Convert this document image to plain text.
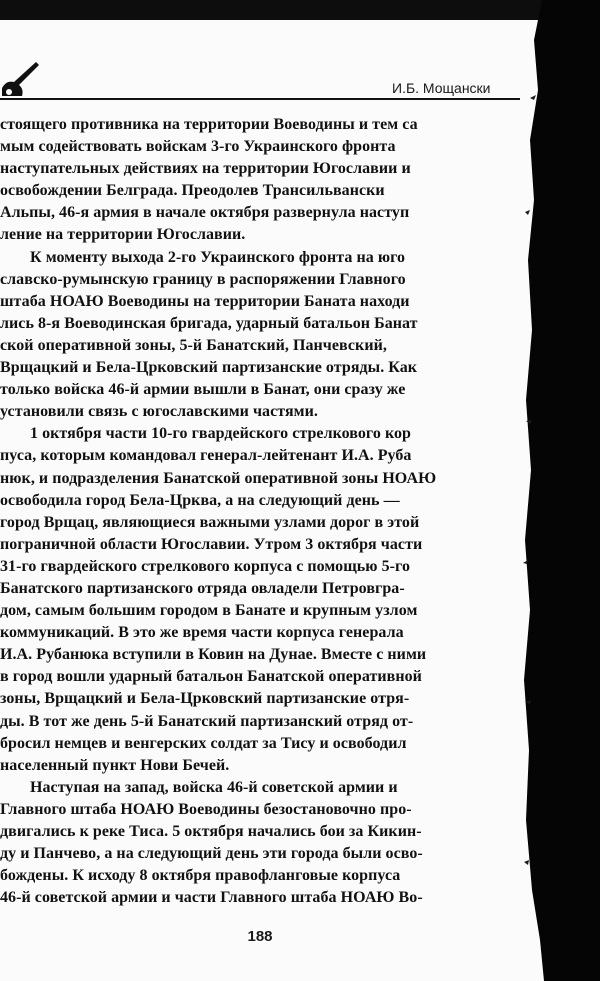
И.Б. Мощански
стоящего противника на территории Воеводины и тем са
мым содействовать войскам 3-го Украинского фронта
наступательных действиях на территории Югославии и
освобождении Белграда. Преодолев Трансильвански
Альпы, 46-я армия в начале октября развернула наступ
ление на территории Югославии.
К моменту выхода 2-го Украинского фронта на юго
славско-румынскую границу в распоряжении Главного
штаба НОАЮ Воеводины на территории Баната находи
лись 8-я Воеводинская бригада, ударный батальон Банат
ской оперативной зоны, 5-й Банатский, Панчевский,
Врщацкий и Бела-Црковский партизанские отряды. Как
только войска 46-й армии вышли в Банат, они сразу же
установили связь с югославскими частями.
1 октября части 10-го гвардейского стрелкового кор
пуса, которым командовал генерал-лейтенант И.А. Руба
нюк, и подразделения Банатской оперативной зоны НОАЮ
освободила город Бела-Црква, а на следующий день —
город Врщац, являющиеся важными узлами дорог в этой
пограничной области Югославии. Утром 3 октября части
31-го гвардейского стрелкового корпуса с помощью 5-го
Банатского партизанского отряда овладели Петровгра-
дом, самым большим городом в Банате и крупным узлом
коммуникаций. В это же время части корпуса генерала
И.А. Рубанюка вступили в Ковин на Дунае. Вместе с ними
в город вошли ударный батальон Банатской оперативной
зоны, Врщацкий и Бела-Црковский партизанские отря-
ды. В тот же день 5-й Банатский партизанский отряд от-
бросил немцев и венгерских солдат за Тису и освободил
населенный пункт Нови Бечей.
Наступая на запад, войска 46-й советской армии и
Главного штаба НОАЮ Воеводины безостановочно про-
двигались к реке Тиса. 5 октября начались бои за Кикин-
ду и Панчево, а на следующий день эти города были осво-
бождены. К исходу 8 октября правофланговые корпуса
46-й советской армии и части Главного штаба НОАЮ Во-
188
